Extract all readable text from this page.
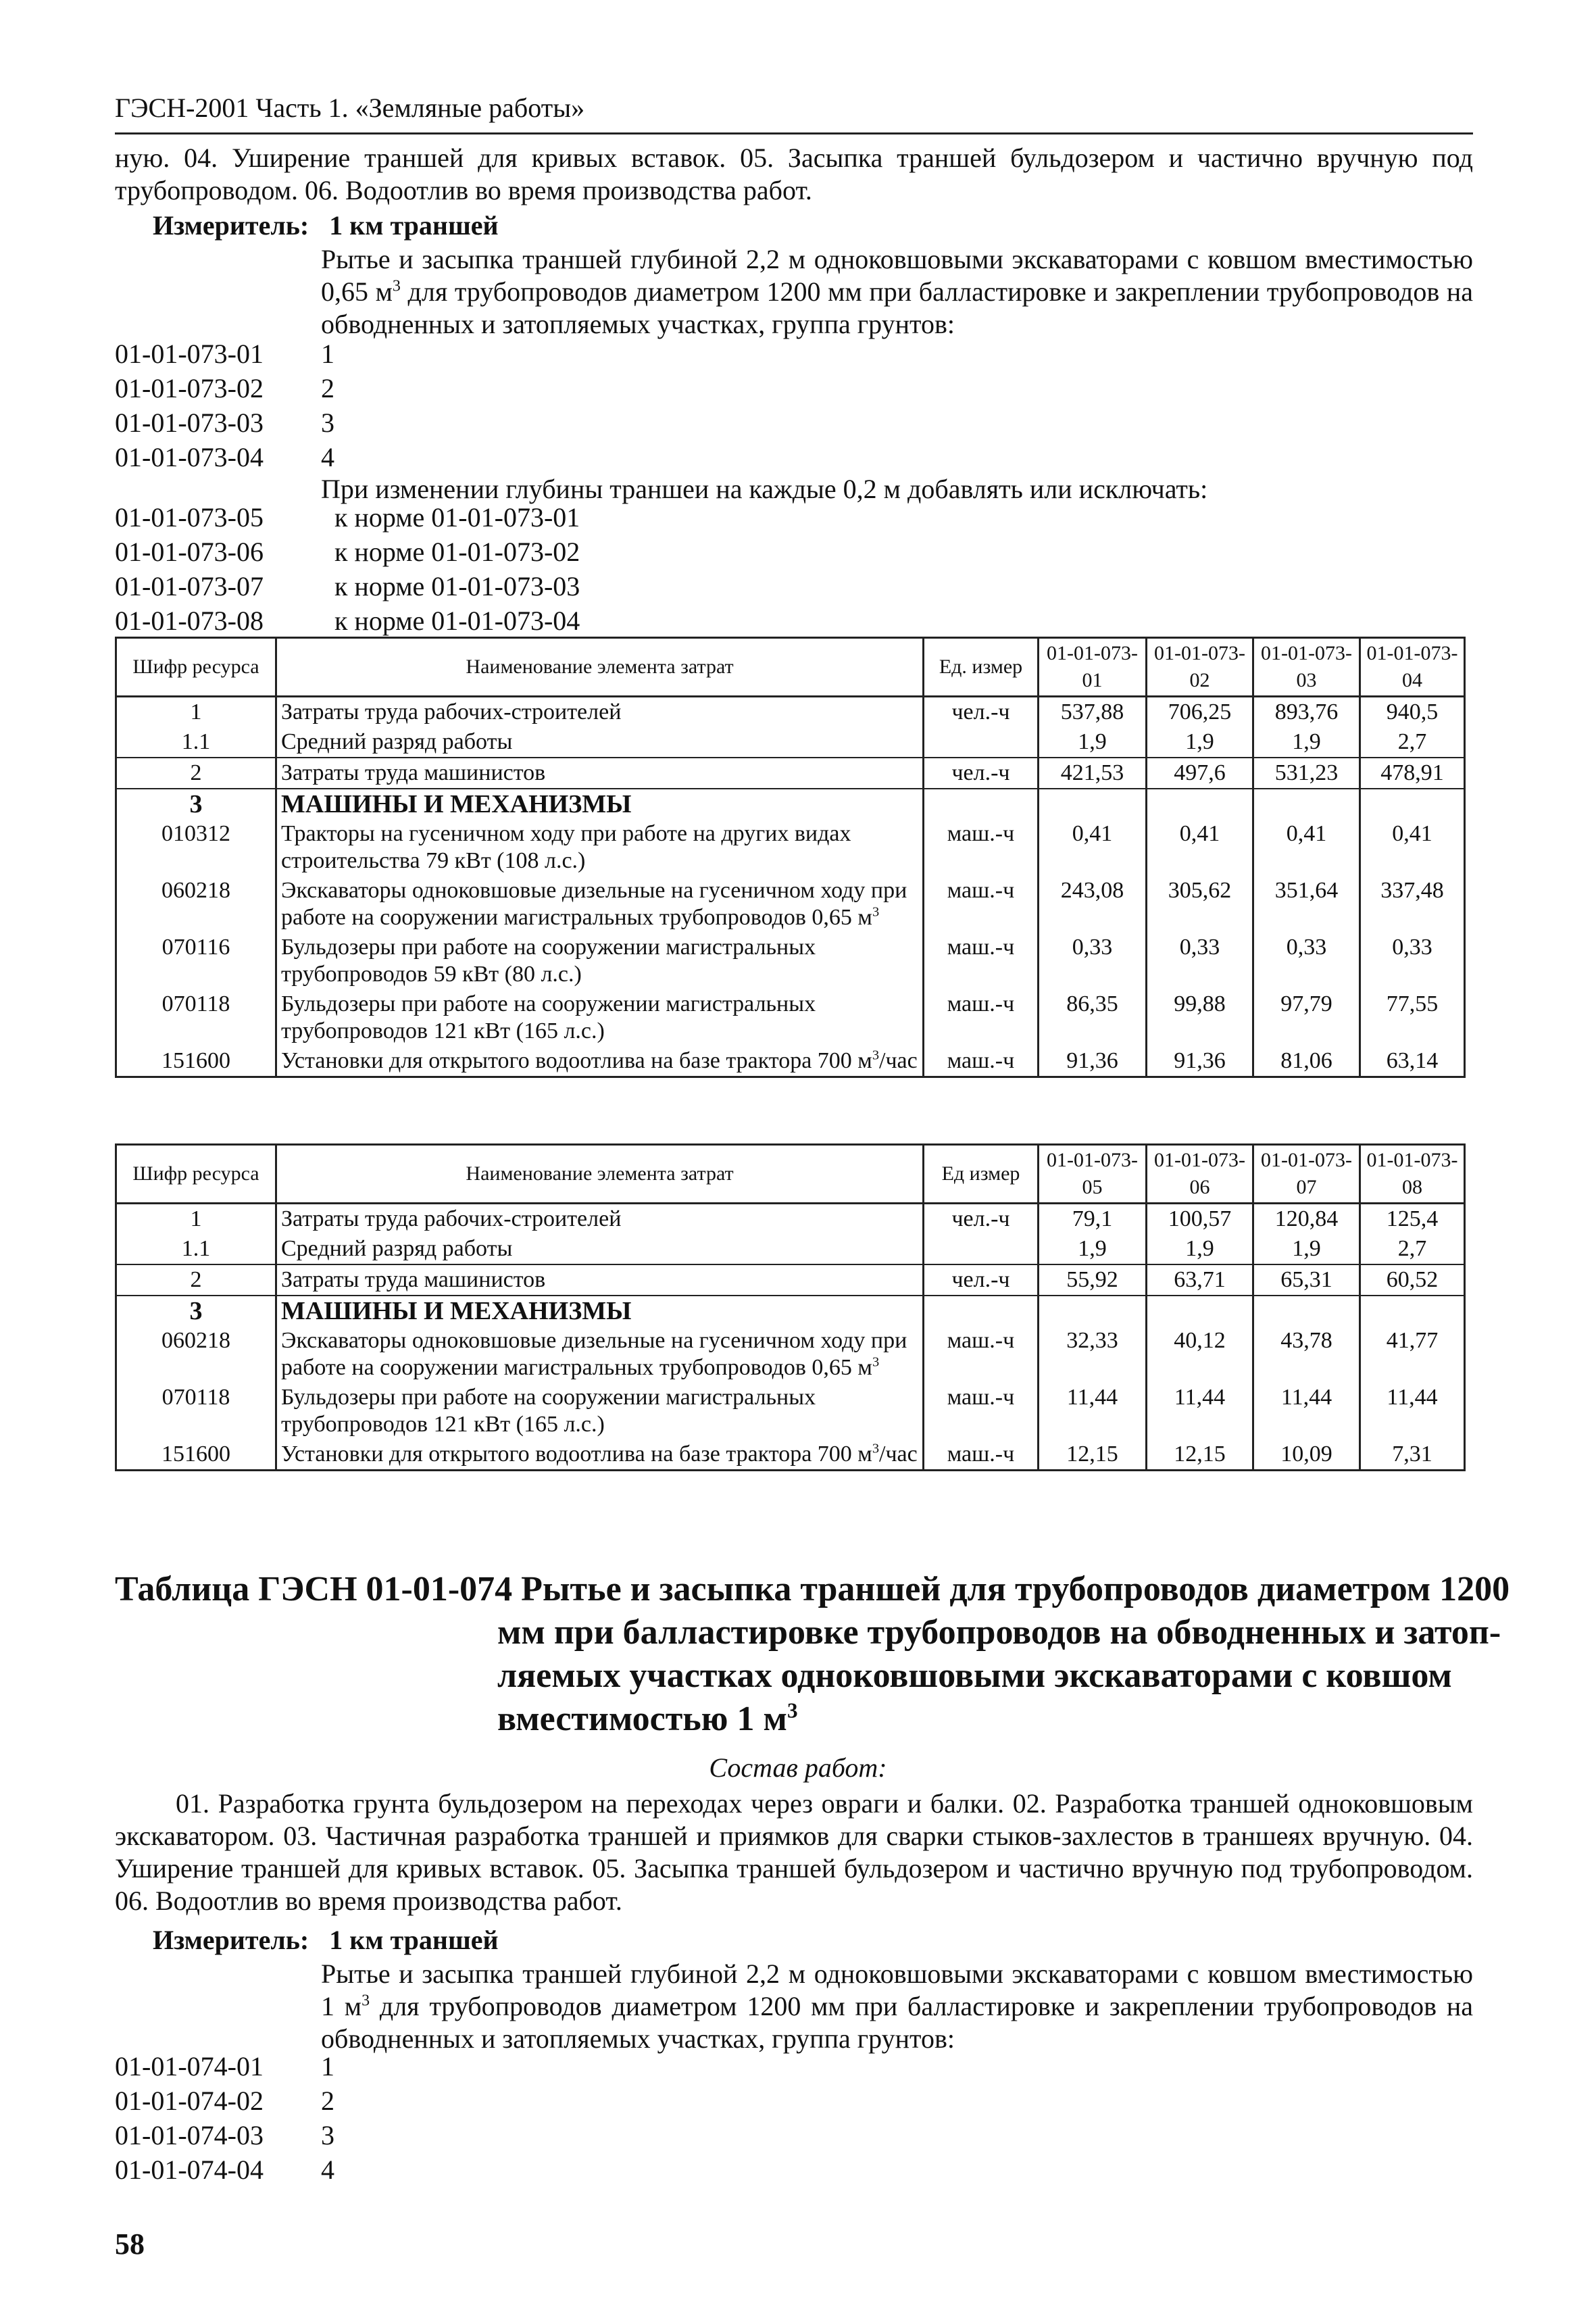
ГЭСН-2001 Часть 1. «Земляные работы»
ную. 04. Уширение траншей для кривых вставок. 05. Засыпка траншей бульдозером и частично вручную под трубопроводом. 06. Водоотлив во время производства работ.
Измеритель: 1 км траншей
Рытье и засыпка траншей глубиной 2,2 м одноковшовыми экскаваторами с ковшом вместимостью 0,65 $м^3$ для трубопроводов диаметром 1200 мм при балластировке и закреплении трубопроводов на обводненных и затопляемых участках, группа грунтов:
01-01-073-01	1
01-01-073-02	2
01-01-073-03	3
01-01-073-04	4
При изменении глубины траншеи на каждые 0,2 м добавлять или исключать:
01-01-073-05	к норме 01-01-073-01
01-01-073-06	к норме 01-01-073-02
01-01-073-07	к норме 01-01-073-03
01-01-073-08	к норме 01-01-073-04
Шифр ресурса	Наименование элемента затрат	Ед. измер	01-01-073-01	01-01-073-02	01-01-073-03	01-01-073-04
1	Затраты труда рабочих-строителей	чел.-ч	537,88	706,25	893,76	940,5
1.1	Средний разряд работы		1,9	1,9	1,9	2,7
2	Затраты труда машинистов	чел.-ч	421,53	497,6	531,23	478,91
3	МАШИНЫ И МЕХАНИЗМЫ					
010312	Тракторы на гусеничном ходу при работе на других видах строительства 79 кВт (108 л.с.)	маш.-ч	0,41	0,41	0,41	0,41
060218	Экскаваторы одноковшовые дизельные на гусеничном ходу при работе на сооружении магистральных трубопроводов 0,65 $м^3$	маш.-ч	243,08	305,62	351,64	337,48
070116	Бульдозеры при работе на сооружении магистральных трубопроводов 59 кВт (80 л.с.)	маш.-ч	0,33	0,33	0,33	0,33
070118	Бульдозеры при работе на сооружении магистральных трубопроводов 121 кВт (165 л.с.)	маш.-ч	86,35	99,88	97,79	77,55
151600	Установки для открытого водоотлива на базе трактора 700 $м^3$/час	маш.-ч	91,36	91,36	81,06	63,14
Шифр ресурса	Наименование элемента затрат	Ед измер	01-01-073-05	01-01-073-06	01-01-073-07	01-01-073-08
1	Затраты труда рабочих-строителей	чел.-ч	79,1	100,57	120,84	125,4
1.1	Средний разряд работы		1,9	1,9	1,9	2,7
2	Затраты труда машинистов	чел.-ч	55,92	63,71	65,31	60,52
3	МАШИНЫ И МЕХАНИЗМЫ					
060218	Экскаваторы одноковшовые дизельные на гусеничном ходу при работе на сооружении магистральных трубопроводов 0,65 $м^3$	маш.-ч	32,33	40,12	43,78	41,77
070118	Бульдозеры при работе на сооружении магистральных трубопроводов 121 кВт (165 л.с.)	маш.-ч	11,44	11,44	11,44	11,44
151600	Установки для открытого водоотлива на базе трактора 700 $м^3$/час	маш.-ч	12,15	12,15	10,09	7,31
Таблица ГЭСН 01-01-074 Рытье и засыпка траншей для трубопроводов диаметром 1200
мм при балластировке трубопроводов на обводненных и затоп-
ляемых участках одноковшовыми экскаваторами с ковшом
вместимостью 1 $м^3$
Состав работ:
01. Разработка грунта бульдозером на переходах через овраги и балки. 02. Разработка траншей одноковшовым экскаватором. 03. Частичная разработка траншей и приямков для сварки стыков-захлестов в траншеях вручную. 04. Уширение траншей для кривых вставок. 05. Засыпка траншей бульдозером и частично вручную под трубопроводом. 06. Водоотлив во время производства работ.
Измеритель: 1 км траншей
Рытье и засыпка траншей глубиной 2,2 м одноковшовыми экскаваторами с ковшом вместимостью 1 $м^3$ для трубопроводов диаметром 1200 мм при балластировке и закреплении трубопроводов на обводненных и затопляемых участках, группа грунтов:
01-01-074-01	1
01-01-074-02	2
01-01-074-03	3
01-01-074-04	4
58
